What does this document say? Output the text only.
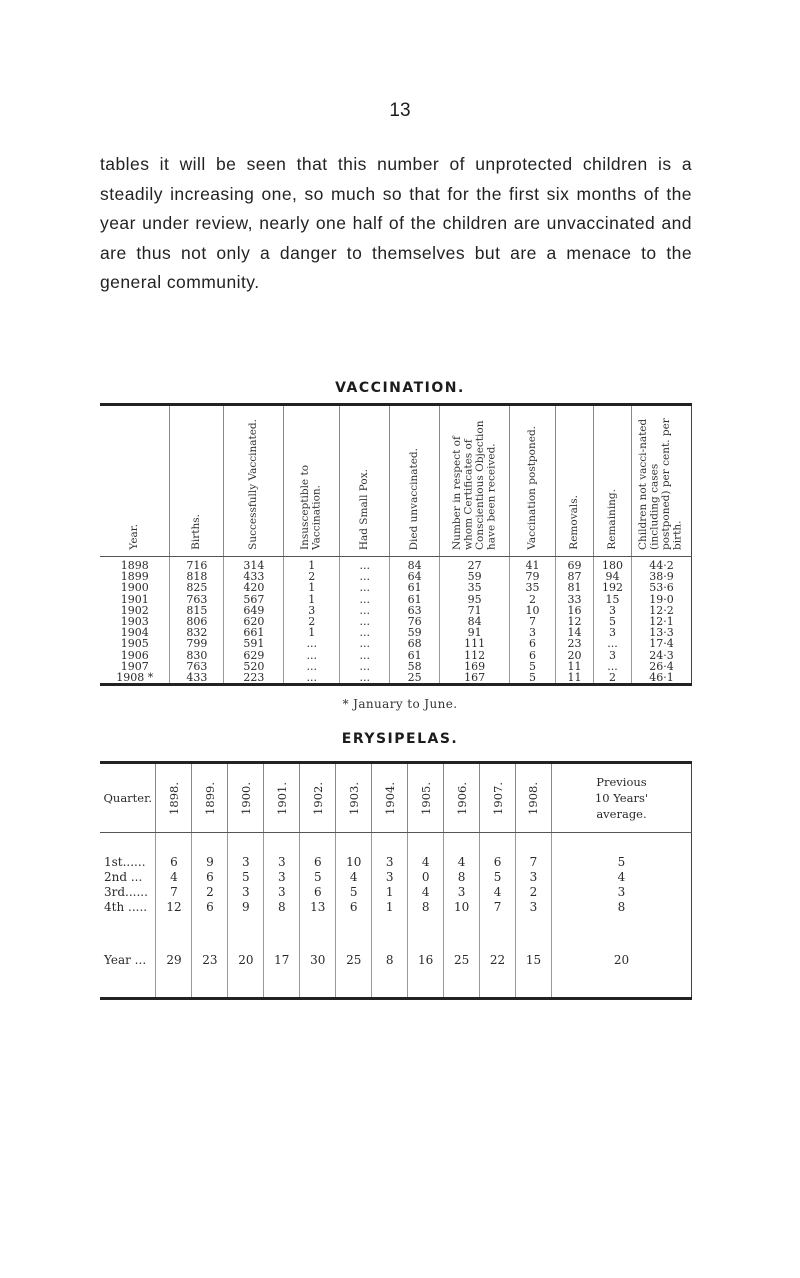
13

tables it will be seen that this number of unprotected children is a steadily increasing one, so much so that for the first six months of the year under review, nearly one half of the children are unvaccinated and are thus not only a danger to themselves but are a menace to the general community.

VACCINATION.
Year.	Births.	Successfully Vaccinated.	Insusceptible to Vaccination.	Had Small Pox.	Died unvaccinated.	Number in respect of whom Certificates of Conscientious Objection have been received.	Vaccination postponed.	Removals.	Remaining.	Children not vacci-nated (including cases postponed) per cent. per birth.

1898	716	314	1	...	84	27	41	69	180	44·2
1899	818	433	2	...	64	59	79	87	94	38·9
1900	825	420	1	...	61	35	35	81	192	53·6
1901	763	567	1	...	61	95	2	33	15	19·0
1902	815	649	3	...	63	71	10	16	3	12·2
1903	806	620	2	...	76	84	7	12	5	12·1
1904	832	661	1	...	59	91	3	14	3	13·3
1905	799	591	...	...	68	111	6	23	...	17·4
1906	830	629	...	...	61	112	6	20	3	24·3
1907	763	520	...	...	58	169	5	11	...	26·4
1908 *	433	223	...	...	25	167	5	11	2	46·1
* January to June.
ERYSIPELAS.
Quarter.	1898.	1899.	1900.	1901.	1902.	1903.	1904.	1905.	1906.	1907.	1908.	Previous
10 Years'
average.

1st......	6	9	3	3	6	10	3	4	4	6	7	5
2nd ...	4	6	5	3	5	4	3	0	8	5	3	4
3rd......	7	2	3	3	6	5	1	4	3	4	2	3
4th .....	12	6	9	8	13	6	1	8	10	7	3	8

Year ...	29	23	20	17	30	25	8	16	25	22	15	20
